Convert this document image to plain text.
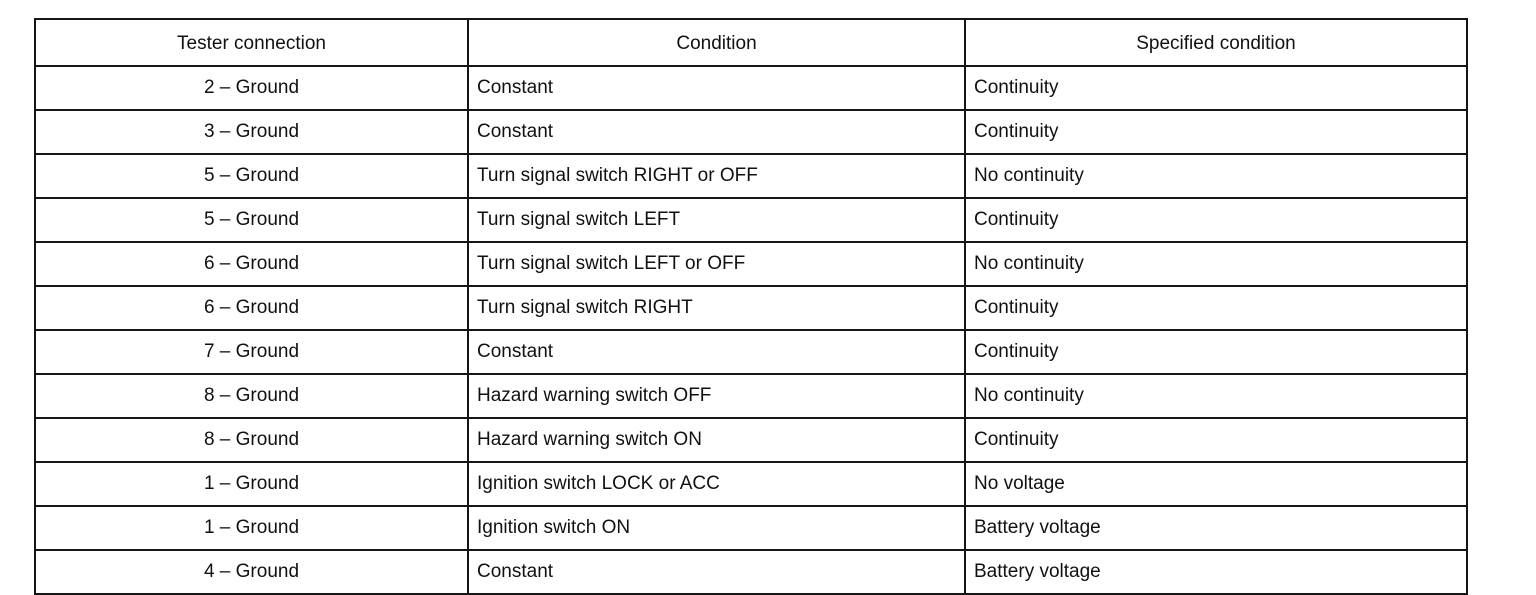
Tester connection	Condition	Specified condition
2 – Ground	Constant	Continuity
3 – Ground	Constant	Continuity
5 – Ground	Turn signal switch RIGHT or OFF	No continuity
5 – Ground	Turn signal switch LEFT	Continuity
6 – Ground	Turn signal switch LEFT or OFF	No continuity
6 – Ground	Turn signal switch RIGHT	Continuity
7 – Ground	Constant	Continuity
8 – Ground	Hazard warning switch OFF	No continuity
8 – Ground	Hazard warning switch ON	Continuity
1 – Ground	Ignition switch LOCK or ACC	No voltage
1 – Ground	Ignition switch ON	Battery voltage
4 – Ground	Constant	Battery voltage
